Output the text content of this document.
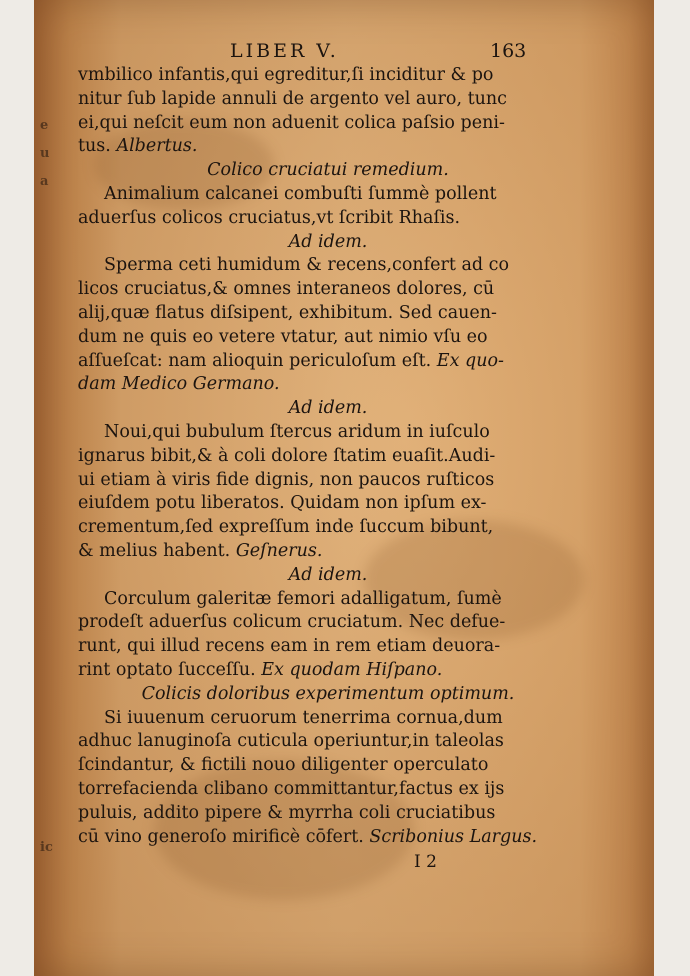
e
u
a
ic
LIBER V.	163
vmbilico infantis,qui egreditur,ſi inciditur & po
nitur ſub lapide annuli de argento vel auro, tunc
ei,qui neſcit eum non aduenit colica paſsio peni-
tus. Albertus.
Colico cruciatui remedium.
Animalium calcanei combuſti ſummè pollent
aduerſus colicos cruciatus,vt ſcribit Rhaſis.
Ad idem.
Sperma ceti humidum & recens,confert ad co
licos cruciatus,& omnes interaneos dolores, cū
alij,quæ flatus diſsipent, exhibitum. Sed cauen-
dum ne quis eo vetere vtatur, aut nimio vſu eo
aſſueſcat: nam alioquin periculoſum eſt. Ex quo-
dam Medico Germano.
Ad idem.
Noui,qui bubulum ſtercus aridum in iuſculo
ignarus bibit,& à coli dolore ſtatim euaſit.Audi-
ui etiam à viris fide dignis, non paucos ruſticos
eiuſdem potu liberatos. Quidam non ipſum ex-
crementum,ſed expreſſum inde ſuccum bibunt,
& melius habent. Geſnerus.
Ad idem.
Corculum galeritæ femori adalligatum, ſumè
prodeſt aduerſus colicum cruciatum. Nec defue-
runt, qui illud recens eam in rem etiam deuora-
rint optato ſucceſſu. Ex quodam Hiſpano.
Colicis doloribus experimentum optimum.
Si iuuenum ceruorum tenerrima cornua,dum
adhuc lanuginoſa cuticula operiuntur,in taleolas
ſcindantur, & fictili nouo diligenter operculato
torrefacienda clibano committantur,factus ex ijs
puluis, addito pipere & myrrha coli cruciatibus
cū vino generoſo mirificè cōfert. Scribonius Largus.
I 2
